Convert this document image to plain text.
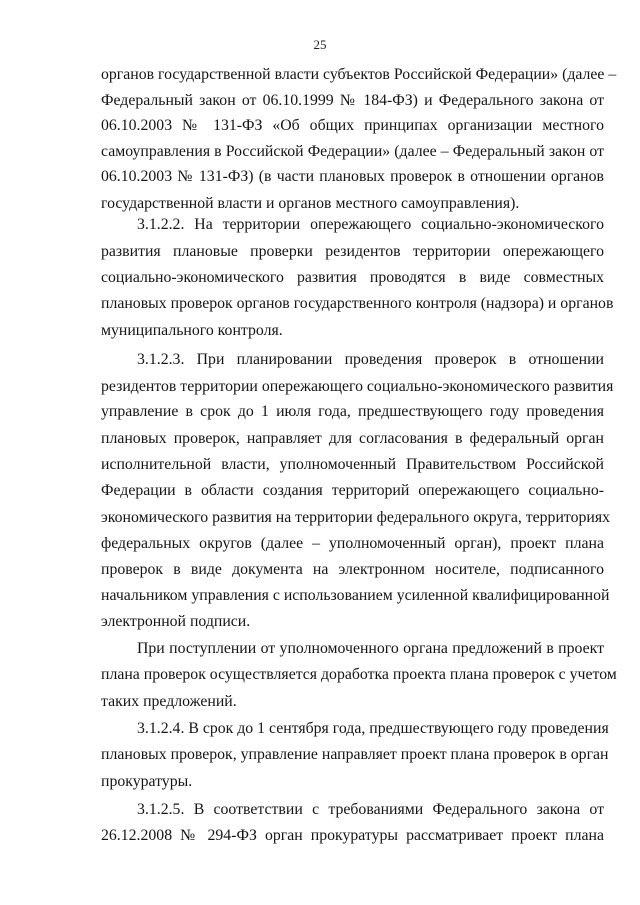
25

органов государственной власти субъектов Российской Федерации» (далее –

Федеральный закон от 06.10.1999 № 184-ФЗ) и Федерального закона от

06.10.2003 № 131-ФЗ «Об общих принципах организации местного

самоуправления в Российской Федерации» (далее – Федеральный закон от

06.10.2003 № 131-ФЗ) (в части плановых проверок в отношении органов

государственной власти и органов местного самоуправления).

3.1.2.2. На территории опережающего социально-экономического

развития плановые проверки резидентов территории опережающего

социально-экономического развития проводятся в виде совместных

плановых проверок органов государственного контроля (надзора) и органов

муниципального контроля.

3.1.2.3. При планировании проведения проверок в отношении

резидентов территории опережающего социально-экономического развития

управление в срок до 1 июля года, предшествующего году проведения

плановых проверок, направляет для согласования в федеральный орган

исполнительной власти, уполномоченный Правительством Российской

Федерации в области создания территорий опережающего социально-

экономического развития на территории федерального округа, территориях

федеральных округов (далее – уполномоченный орган), проект плана

проверок в виде документа на электронном носителе, подписанного

начальником управления с использованием усиленной квалифицированной

электронной подписи.

При поступлении от уполномоченного органа предложений в проект

плана проверок осуществляется доработка проекта плана проверок с учетом

таких предложений.

3.1.2.4. В срок до 1 сентября года, предшествующего году проведения

плановых проверок, управление направляет проект плана проверок в орган

прокуратуры.

3.1.2.5. В соответствии с требованиями Федерального закона от

26.12.2008 № 294-ФЗ орган прокуратуры рассматривает проект плана
